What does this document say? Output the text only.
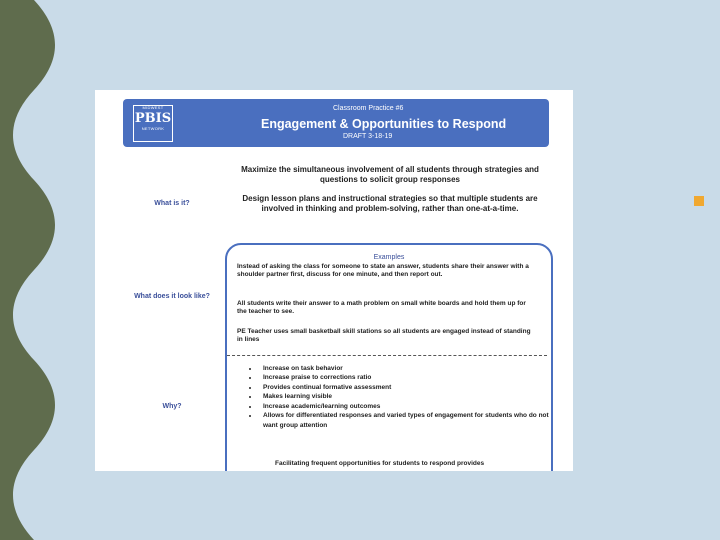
MIDWEST
PBIS
NETWORK
Classroom Practice #6
Engagement & Opportunities to Respond
DRAFT 3-18-19
What is it?
What does it look like?
Why?
Maximize the simultaneous involvement of all students through strategies and questions to solicit group responses
Design lesson plans and instructional strategies so that multiple students are involved in thinking and problem-solving, rather than one-at-a-time.
Examples
Instead of asking the class for someone to state an answer, students share their answer with a shoulder partner first, discuss for one minute, and then report out.
All students write their answer to a math problem on small white boards and hold them up for the teacher to see.
PE Teacher uses small basketball skill stations so all students are engaged instead of standing in lines
• Increase on task behavior
• Increase praise to corrections ratio
• Provides continual formative assessment
• Makes learning visible
• Increase academic/learning outcomes
• Allows for differentiated responses and varied types of engagement for students who do not want group attention
Facilitating frequent opportunities for students to respond provides
